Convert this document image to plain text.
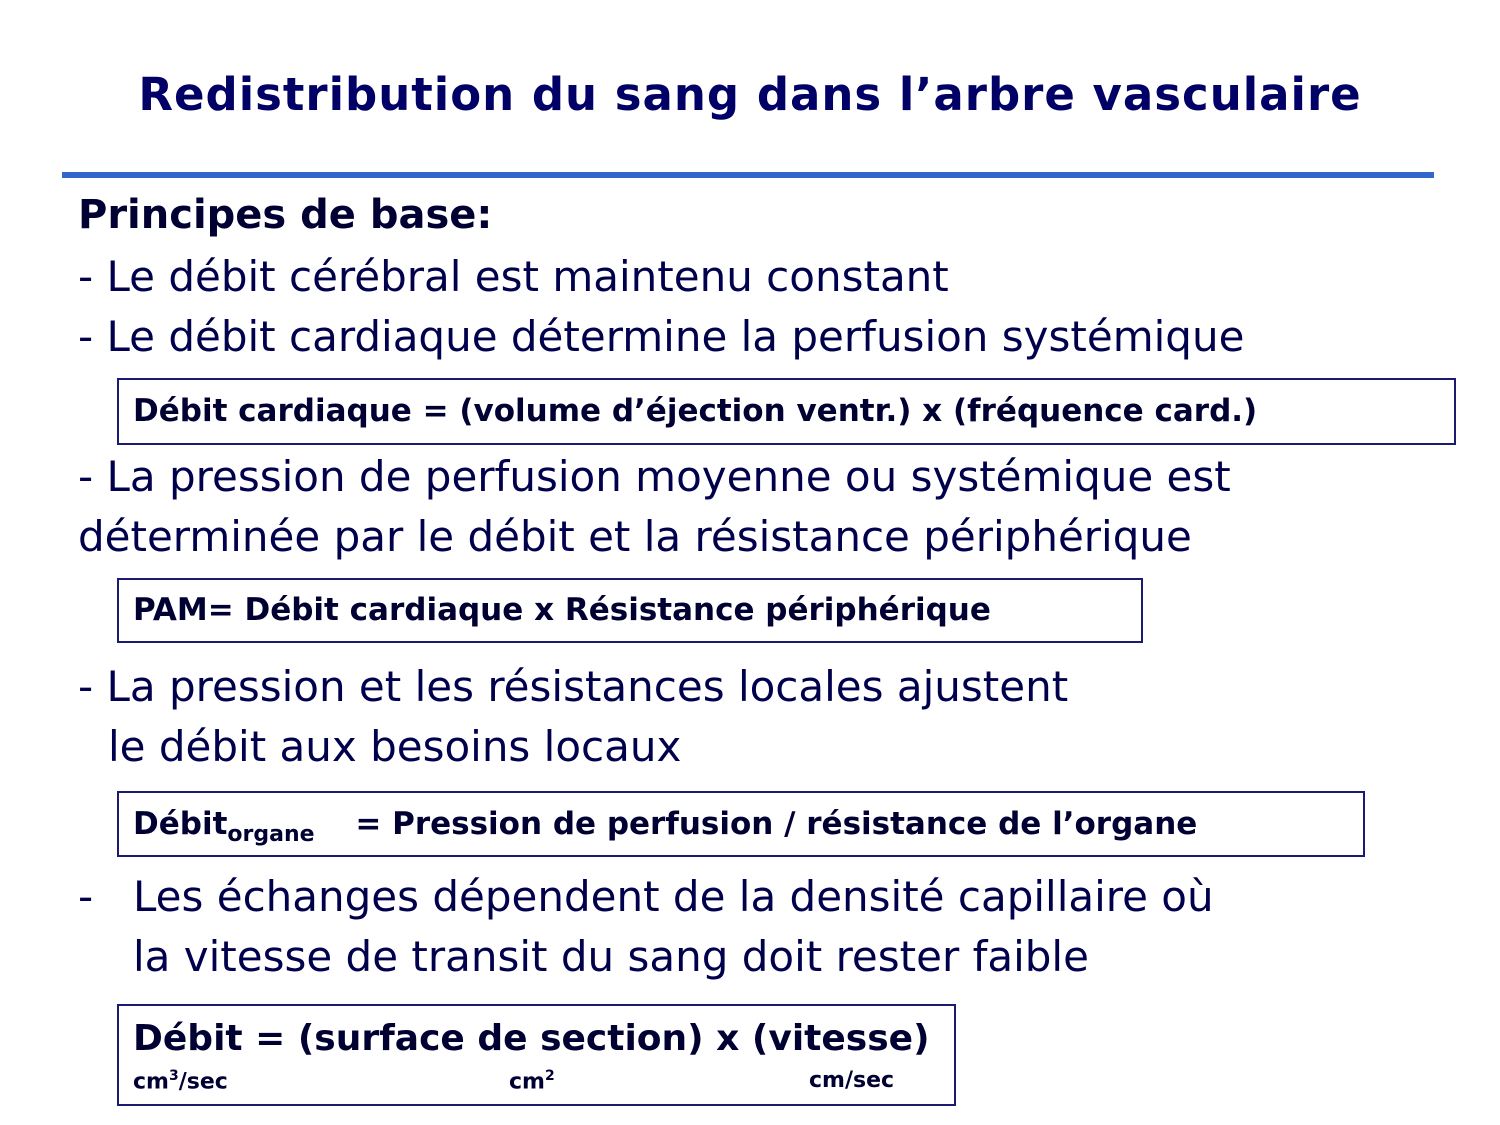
Redistribution du sang dans l’arbre vasculaire
Principes de base:
- Le débit cérébral est maintenu constant
- Le débit cardiaque détermine la perfusion systémique
Débit cardiaque = (volume d’éjection ventr.) x (fréquence card.)
- La pression de perfusion moyenne ou systémique est
déterminée par le débit et la résistance périphérique
PAM= Débit cardiaque x Résistance périphérique
- La pression et les résistances locales ajustent
le débit aux besoins locaux
Débit$_{organe}$ = Pression de perfusion / résistance de l’organe
- Les échanges dépendent de la densité capillaire où
la vitesse de transit du sang doit rester faible
Débit = (surface de section) x (vitesse)
$cm^3/\sec$	$cm^2$	cm/sec
